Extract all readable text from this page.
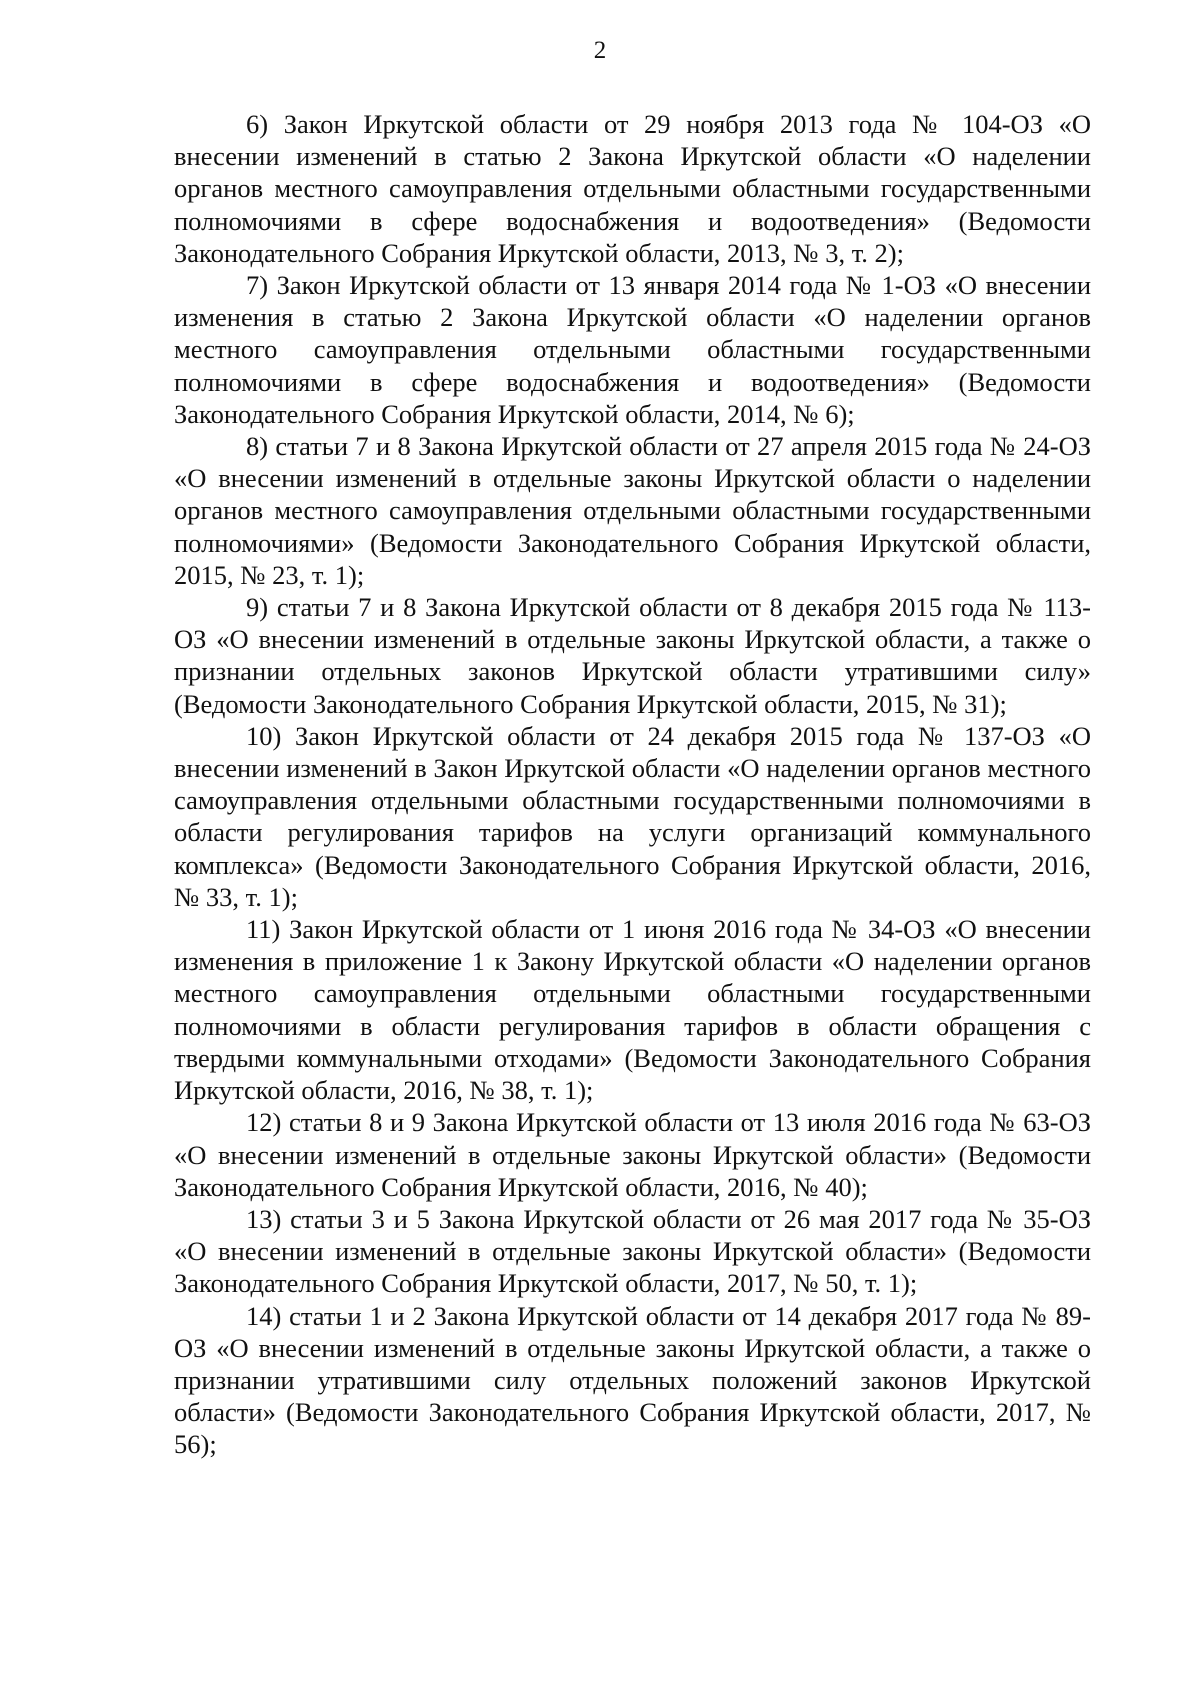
2

6) Закон Иркутской области от 29 ноября 2013 года № 104-ОЗ «О внесении изменений в статью 2 Закона Иркутской области «О наделении органов местного самоуправления отдельными областными государственными полномочиями в сфере водоснабжения и водоотведения» (Ведомости Законодательного Собрания Иркутской области, 2013, № 3, т. 2);

7) Закон Иркутской области от 13 января 2014 года № 1-ОЗ «О внесении изменения в статью 2 Закона Иркутской области «О наделении органов местного самоуправления отдельными областными государственными полномочиями в сфере водоснабжения и водоотведения» (Ведомости Законодательного Собрания Иркутской области, 2014, № 6);

8) статьи 7 и 8 Закона Иркутской области от 27 апреля 2015 года № 24-ОЗ «О внесении изменений в отдельные законы Иркутской области о наделении органов местного самоуправления отдельными областными государственными полномочиями» (Ведомости Законодательного Собрания Иркутской области, 2015, № 23, т. 1);

9) статьи 7 и 8 Закона Иркутской области от 8 декабря 2015 года № 113-ОЗ «О внесении изменений в отдельные законы Иркутской области, а также о признании отдельных законов Иркутской области утратившими силу» (Ведомости Законодательного Собрания Иркутской области, 2015, № 31);

10) Закон Иркутской области от 24 декабря 2015 года № 137-ОЗ «О внесении изменений в Закон Иркутской области «О наделении органов местного самоуправления отдельными областными государственными полномочиями в области регулирования тарифов на услуги организаций коммунального комплекса» (Ведомости Законодательного Собрания Иркутской области, 2016, № 33, т. 1);

11) Закон Иркутской области от 1 июня 2016 года № 34-ОЗ «О внесении изменения в приложение 1 к Закону Иркутской области «О наделении органов местного самоуправления отдельными областными государственными полномочиями в области регулирования тарифов в области обращения с твердыми коммунальными отходами» (Ведомости Законодательного Собрания Иркутской области, 2016, № 38, т. 1);

12) статьи 8 и 9 Закона Иркутской области от 13 июля 2016 года № 63-ОЗ «О внесении изменений в отдельные законы Иркутской области» (Ведомости Законодательного Собрания Иркутской области, 2016, № 40);

13) статьи 3 и 5 Закона Иркутской области от 26 мая 2017 года № 35-ОЗ «О внесении изменений в отдельные законы Иркутской области» (Ведомости Законодательного Собрания Иркутской области, 2017, № 50, т. 1);

14) статьи 1 и 2 Закона Иркутской области от 14 декабря 2017 года № 89-ОЗ «О внесении изменений в отдельные законы Иркутской области, а также о признании утратившими силу отдельных положений законов Иркутской области» (Ведомости Законодательного Собрания Иркутской области, 2017, № 56);
